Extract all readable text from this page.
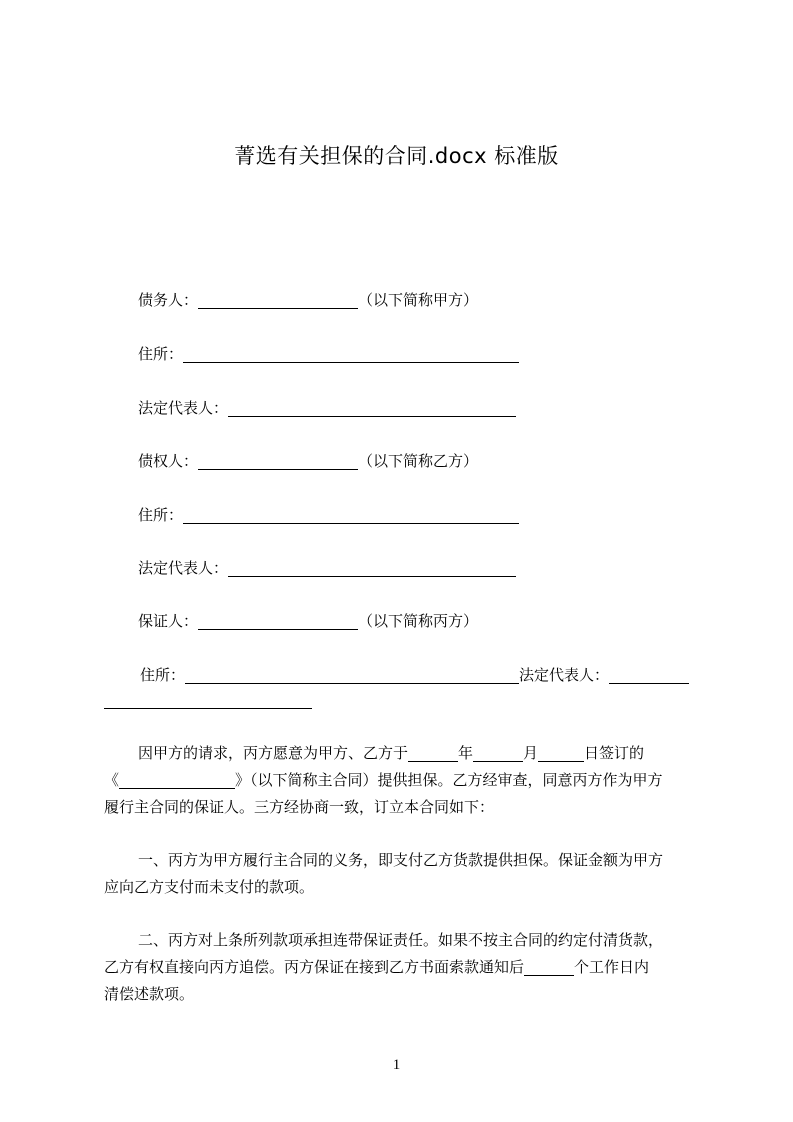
菁选有关担保的合同.docx 标准版
债务人：	（以下简称甲方）
住所：
法定代表人：
债权人：	（以下简称乙方）
住所：
法定代表人：
保证人：	（以下简称丙方）
住所：	法定代表人：
因甲方的请求，丙方愿意为甲方、乙方于	年	月	日签订的
《	》（以下简称主合同）提供担保。乙方经审查，同意丙方作为甲方
履行主合同的保证人。三方经协商一致，订立本合同如下：
一、丙方为甲方履行主合同的义务，即支付乙方货款提供担保。保证金额为甲方
应向乙方支付而未支付的款项。
二、丙方对上条所列款项承担连带保证责任。如果不按主合同的约定付清货款，
乙方有权直接向丙方追偿。丙方保证在接到乙方书面索款通知后	个工作日内
清偿述款项。
1
